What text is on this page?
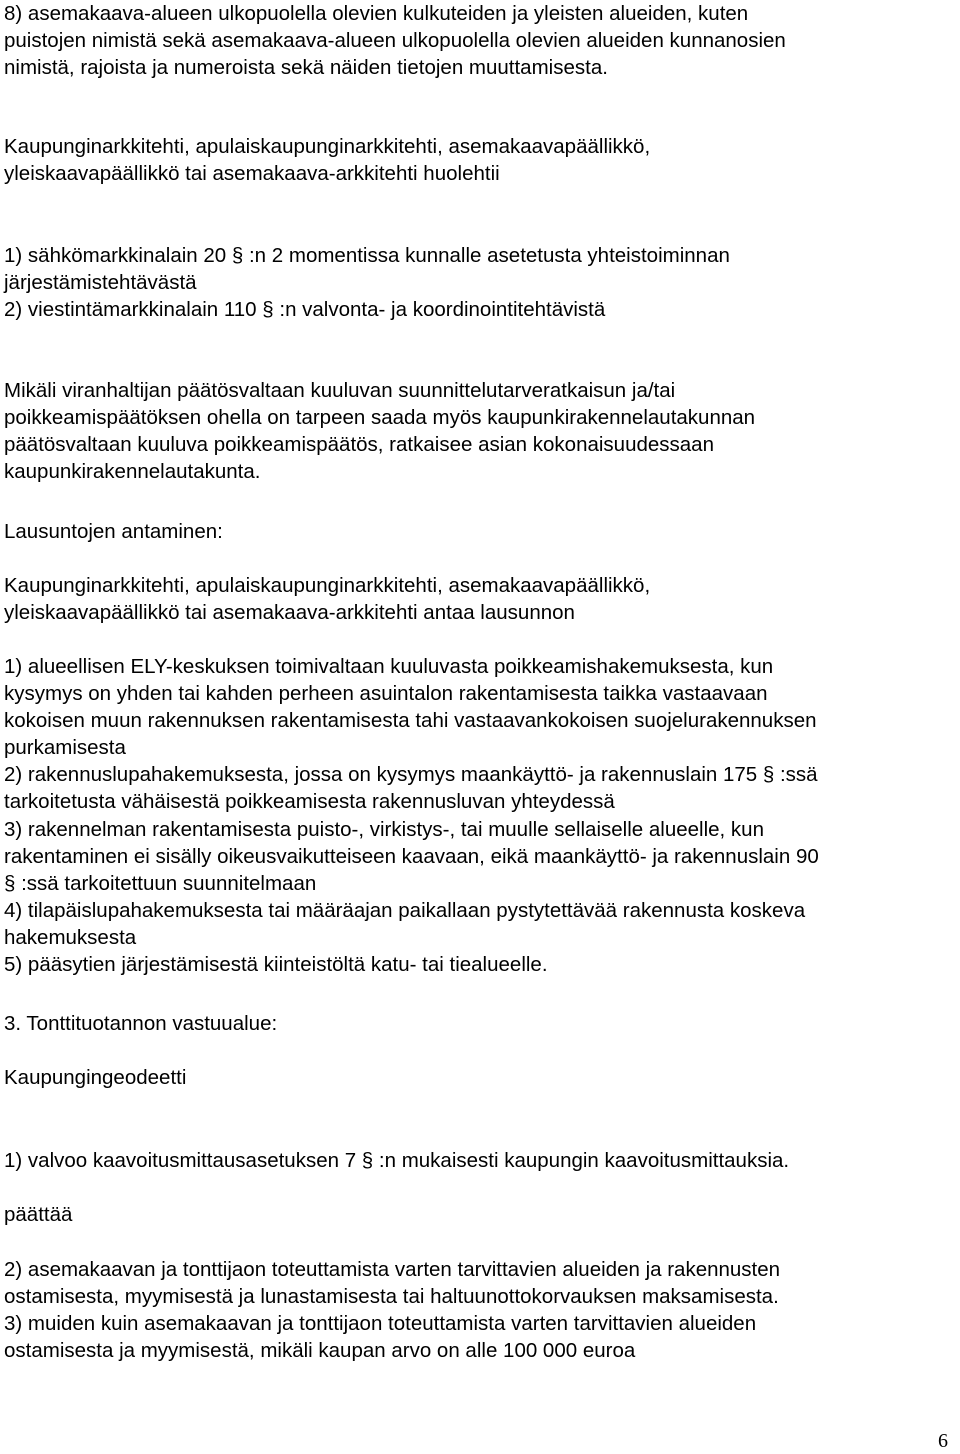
8) asemakaava-alueen ulkopuolella olevien kulkuteiden ja yleisten alueiden, kuten
puistojen nimistä sekä asemakaava-alueen ulkopuolella olevien alueiden kunnanosien
nimistä, rajoista ja numeroista sekä näiden tietojen muuttamisesta.
Kaupunginarkkitehti, apulaiskaupunginarkkitehti, asemakaavapäällikkö,
yleiskaavapäällikkö tai asemakaava-arkkitehti huolehtii
1) sähkömarkkinalain 20 § :n 2 momentissa kunnalle asetetusta yhteistoiminnan
järjestämistehtävästä
2) viestintämarkkinalain 110 § :n valvonta- ja koordinointitehtävistä
Mikäli viranhaltijan päätösvaltaan kuuluvan suunnittelutarveratkaisun ja/tai
poikkeamispäätöksen ohella on tarpeen saada myös kaupunkirakennelautakunnan
päätösvaltaan kuuluva poikkeamispäätös, ratkaisee asian kokonaisuudessaan
kaupunkirakennelautakunta.
Lausuntojen antaminen:
Kaupunginarkkitehti, apulaiskaupunginarkkitehti, asemakaavapäällikkö,
yleiskaavapäällikkö tai asemakaava-arkkitehti antaa lausunnon
1) alueellisen ELY-keskuksen toimivaltaan kuuluvasta poikkeamishakemuksesta, kun
kysymys on yhden tai kahden perheen asuintalon rakentamisesta taikka vastaavaan
kokoisen muun rakennuksen rakentamisesta tahi vastaavankokoisen suojelurakennuksen
purkamisesta
2) rakennuslupahakemuksesta, jossa on kysymys maankäyttö- ja rakennuslain 175 § :ssä
tarkoitetusta vähäisestä poikkeamisesta rakennusluvan yhteydessä
3) rakennelman rakentamisesta puisto-, virkistys-, tai muulle sellaiselle alueelle, kun
rakentaminen ei sisälly oikeusvaikutteiseen kaavaan, eikä maankäyttö- ja rakennuslain 90
§ :ssä tarkoitettuun suunnitelmaan
4) tilapäislupahakemuksesta tai määräajan paikallaan pystytettävää rakennusta koskeva
hakemuksesta
5) pääsytien järjestämisestä kiinteistöltä katu- tai tiealueelle.
3. Tonttituotannon vastuualue:
Kaupungingeodeetti
1) valvoo kaavoitusmittausasetuksen 7 § :n mukaisesti kaupungin kaavoitusmittauksia.
päättää
2) asemakaavan ja tonttijaon toteuttamista varten tarvittavien alueiden ja rakennusten
ostamisesta, myymisestä ja lunastamisesta tai haltuunottokorvauksen maksamisesta.
3) muiden kuin asemakaavan ja tonttijaon toteuttamista varten tarvittavien alueiden
ostamisesta ja myymisestä, mikäli kaupan arvo on alle 100 000 euroa
6
